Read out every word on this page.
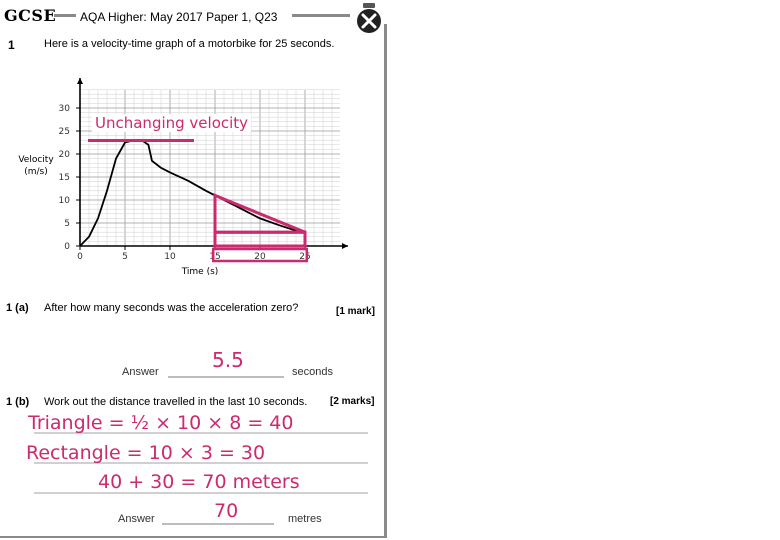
GCSE AQA Higher: May 2017 Paper 1, Q23
1	Here is a velocity-time graph of a motorbike for 25 seconds.
0	5	10	15	20	25
0
5
10
15
20
25
30
Velocity
(m/s)
Time (s)
Unchanging velocity
1 (a) After how many seconds was the acceleration zero?	[1 mark]
Answer	5.5	seconds
1 (b) Work out the distance travelled in the last 10 seconds. [2 marks]
Triangle = ½ × 10 × 8 = 40
Rectangle = 10 × 3 = 30
40 + 30 = 70 meters
Answer	70	metres
